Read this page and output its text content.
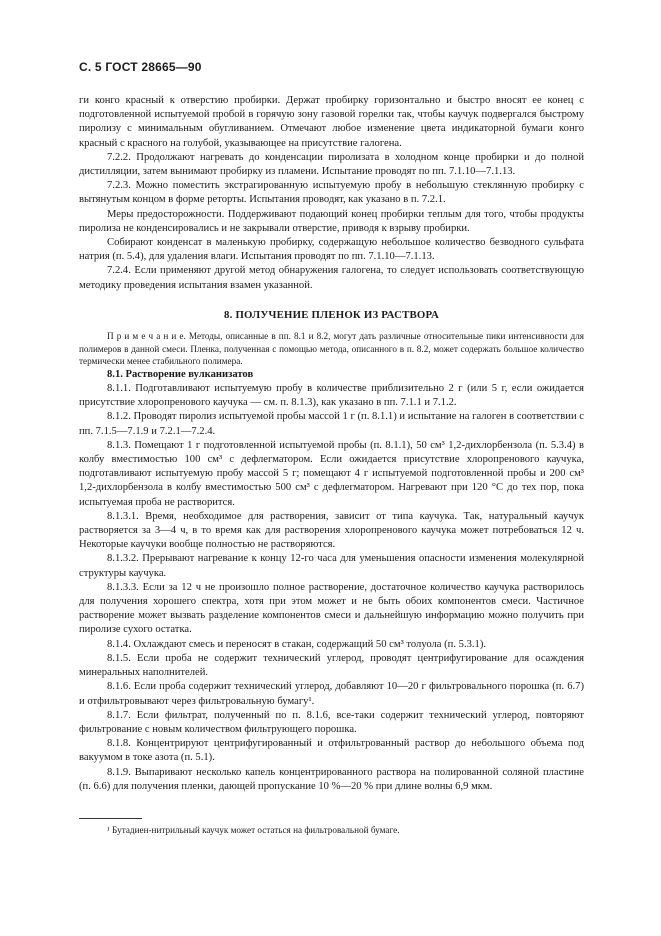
С. 5 ГОСТ 28665—90

ги конго красный к отверстию пробирки. Держат пробирку горизонтально и быстро вносят ее конец с подготовленной испытуемой пробой в горячую зону газовой горелки так, чтобы каучук подвергался быстрому пиролизу с минимальным обугливанием. Отмечают любое изменение цвета индикаторной бумаги конго красный с красного на голубой, указывающее на присутствие галогена.

7.2.2. Продолжают нагревать до конденсации пиролизата в холодном конце пробирки и до полной дистилляции, затем вынимают пробирку из пламени. Испытание проводят по пп. 7.1.10—7.1.13.

7.2.3. Можно поместить экстрагированную испытуемую пробу в небольшую стеклянную пробирку с вытянутым концом в форме реторты. Испытания проводят, как указано в п. 7.2.1.

Меры предосторожности. Поддерживают подающий конец пробирки теплым для того, чтобы продукты пиролиза не конденсировались и не закрывали отверстие, приводя к взрыву пробирки.

Собирают конденсат в маленькую пробирку, содержащую небольшое количество безводного сульфата натрия (п. 5.4), для удаления влаги. Испытания проводят по пп. 7.1.10—7.1.13.

7.2.4. Если применяют другой метод обнаружения галогена, то следует использовать соответствующую методику проведения испытания взамен указанной.

8. ПОЛУЧЕНИЕ ПЛЕНОК ИЗ РАСТВОРА

П р и м е ч а н и е. Методы, описанные в пп. 8.1 и 8.2, могут дать различные относительные пики интенсивности для полимеров в данной смеси. Пленка, полученная с помощью метода, описанного в п. 8.2, может содержать большое количество термически менее стабильного полимера.

8.1. Растворение вулканизатов

8.1.1. Подготавливают испытуемую пробу в количестве приблизительно 2 г (или 5 г, если ожидается присутствие хлоропренового каучука — см. п. 8.1.3), как указано в пп. 7.1.1 и 7.1.2.

8.1.2. Проводят пиролиз испытуемой пробы массой 1 г (п. 8.1.1) и испытание на галоген в соответствии с пп. 7.1.5—7.1.9 и 7.2.1—7.2.4.

8.1.3. Помещают 1 г подготовленной испытуемой пробы (п. 8.1.1), 50 см³ 1,2-дихлорбензола (п. 5.3.4) в колбу вместимостью 100 см³ с дефлегматором. Если ожидается присутствие хлоропренового каучука, подготавливают испытуемую пробу массой 5 г; помещают 4 г испытуемой подготовленной пробы и 200 см³ 1,2-дихлорбензола в колбу вместимостью 500 см³ с дефлегматором. Нагревают при 120 °С до тех пор, пока испытуемая проба не растворится.

8.1.3.1. Время, необходимое для растворения, зависит от типа каучука. Так, натуральный каучук растворяется за 3—4 ч, в то время как для растворения хлоропренового каучука может потребоваться 12 ч. Некоторые каучуки вообще полностью не растворяются.

8.1.3.2. Прерывают нагревание к концу 12-го часа для уменьшения опасности изменения молекулярной структуры каучука.

8.1.3.3. Если за 12 ч не произошло полное растворение, достаточное количество каучука растворилось для получения хорошего спектра, хотя при этом может и не быть обоих компонентов смеси. Частичное растворение может вызвать разделение компонентов смеси и дальнейшую информацию можно получить при пиролизе сухого остатка.

8.1.4. Охлаждают смесь и переносят в стакан, содержащий 50 см³ толуола (п. 5.3.1).

8.1.5. Если проба не содержит технический углерод, проводят центрифугирование для осаждения минеральных наполнителей.

8.1.6. Если проба содержит технический углерод, добавляют 10—20 г фильтровального порошка (п. 6.7) и отфильтровывают через фильтровальную бумагу¹.

8.1.7. Если фильтрат, полученный по п. 8.1.6, все-таки содержит технический углерод, повторяют фильтрование с новым количеством фильтрующего порошка.

8.1.8. Концентрируют центрифугированный и отфильтрованный раствор до небольшого объема под вакуумом в токе азота (п. 5.1).

8.1.9. Выпаривают несколько капель концентрированного раствора на полированной соляной пластине (п. 6.6) для получения пленки, дающей пропускание 10 %—20 % при длине волны 6,9 мкм.

¹ Бутадиен-нитрильный каучук может остаться на фильтровальной бумаге.
